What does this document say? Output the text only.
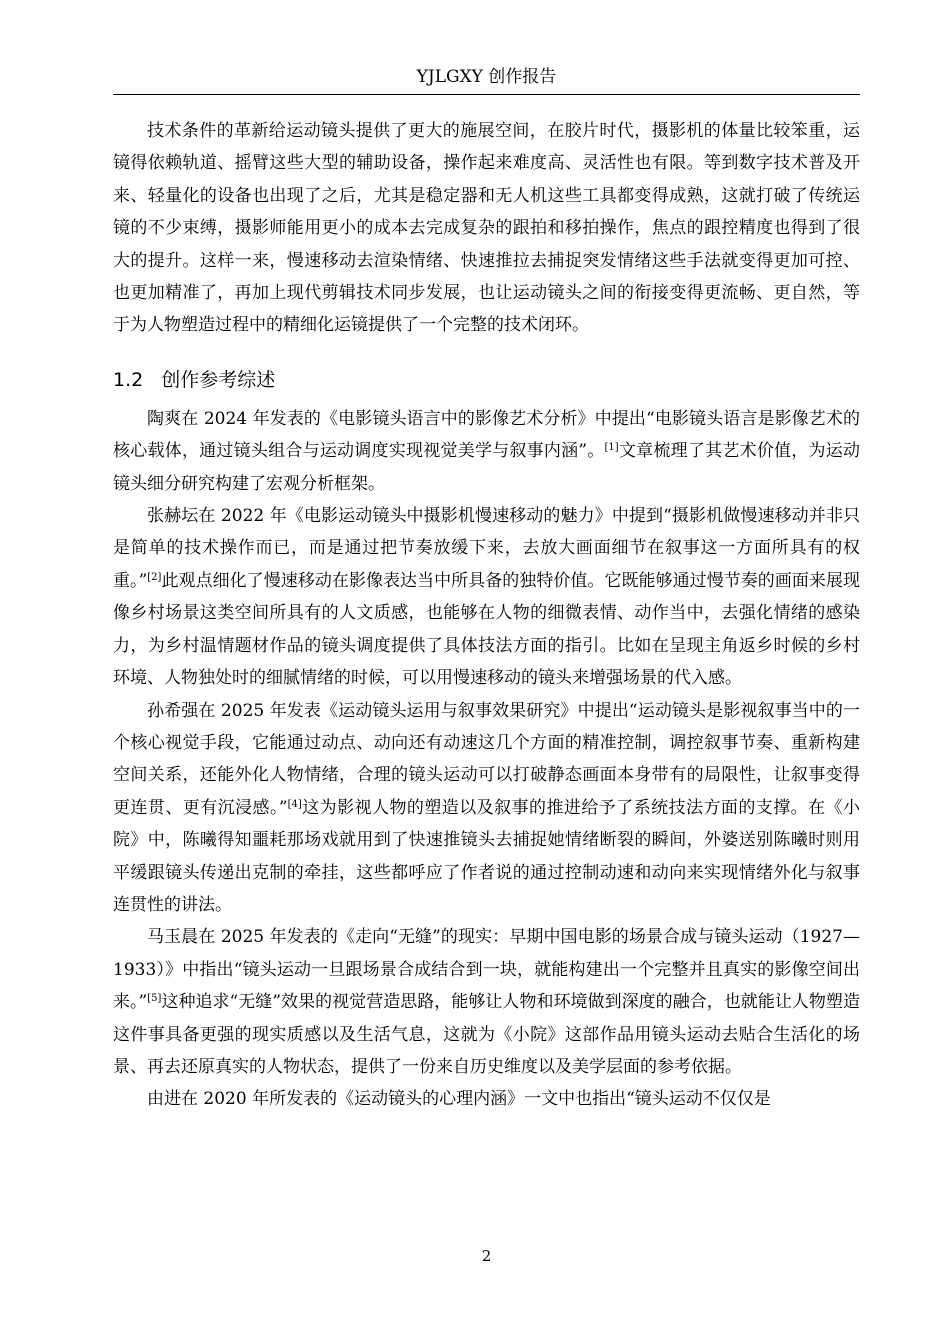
YJLGXY 创作报告

技术条件的革新给运动镜头提供了更大的施展空间，在胶片时代，摄影机的体量比较笨重，运镜得依赖轨道、摇臂这些大型的辅助设备，操作起来难度高、灵活性也有限。等到数字技术普及开来、轻量化的设备也出现了之后，尤其是稳定器和无人机这些工具都变得成熟，这就打破了传统运镜的不少束缚，摄影师能用更小的成本去完成复杂的跟拍和移拍操作，焦点的跟控精度也得到了很大的提升。这样一来，慢速移动去渲染情绪、快速推拉去捕捉突发情绪这些手法就变得更加可控、也更加精准了，再加上现代剪辑技术同步发展，也让运动镜头之间的衔接变得更流畅、更自然，等于为人物塑造过程中的精细化运镜提供了一个完整的技术闭环。

1.2 创作参考综述

陶爽在 2024 年发表的《电影镜头语言中的影像艺术分析》中提出“电影镜头语言是影像艺术的核心载体，通过镜头组合与运动调度实现视觉美学与叙事内涵”。[1]文章梳理了其艺术价值，为运动镜头细分研究构建了宏观分析框架。

张赫坛在 2022 年《电影运动镜头中摄影机慢速移动的魅力》中提到“摄影机做慢速移动并非只是简单的技术操作而已，而是通过把节奏放缓下来，去放大画面细节在叙事这一方面所具有的权重。”[2]此观点细化了慢速移动在影像表达当中所具备的独特价值。它既能够通过慢节奏的画面来展现像乡村场景这类空间所具有的人文质感，也能够在人物的细微表情、动作当中，去强化情绪的感染力，为乡村温情题材作品的镜头调度提供了具体技法方面的指引。比如在呈现主角返乡时候的乡村环境、人物独处时的细腻情绪的时候，可以用慢速移动的镜头来增强场景的代入感。

孙希强在 2025 年发表《运动镜头运用与叙事效果研究》中提出“运动镜头是影视叙事当中的一个核心视觉手段，它能通过动点、动向还有动速这几个方面的精准控制，调控叙事节奏、重新构建空间关系，还能外化人物情绪，合理的镜头运动可以打破静态画面本身带有的局限性，让叙事变得更连贯、更有沉浸感。”[4]这为影视人物的塑造以及叙事的推进给予了系统技法方面的支撑。在《小院》中，陈曦得知噩耗那场戏就用到了快速推镜头去捕捉她情绪断裂的瞬间，外婆送别陈曦时则用平缓跟镜头传递出克制的牵挂，这些都呼应了作者说的通过控制动速和动向来实现情绪外化与叙事连贯性的讲法。

马玉晨在 2025 年发表的《走向“无缝”的现实：早期中国电影的场景合成与镜头运动（1927—1933）》中指出“镜头运动一旦跟场景合成结合到一块，就能构建出一个完整并且真实的影像空间出来。”[5]这种追求“无缝”效果的视觉营造思路，能够让人物和环境做到深度的融合，也就能让人物塑造这件事具备更强的现实质感以及生活气息，这就为《小院》这部作品用镜头运动去贴合生活化的场景、再去还原真实的人物状态，提供了一份来自历史维度以及美学层面的参考依据。

由进在 2020 年所发表的《运动镜头的心理内涵》一文中也指出“镜头运动不仅仅是

2
